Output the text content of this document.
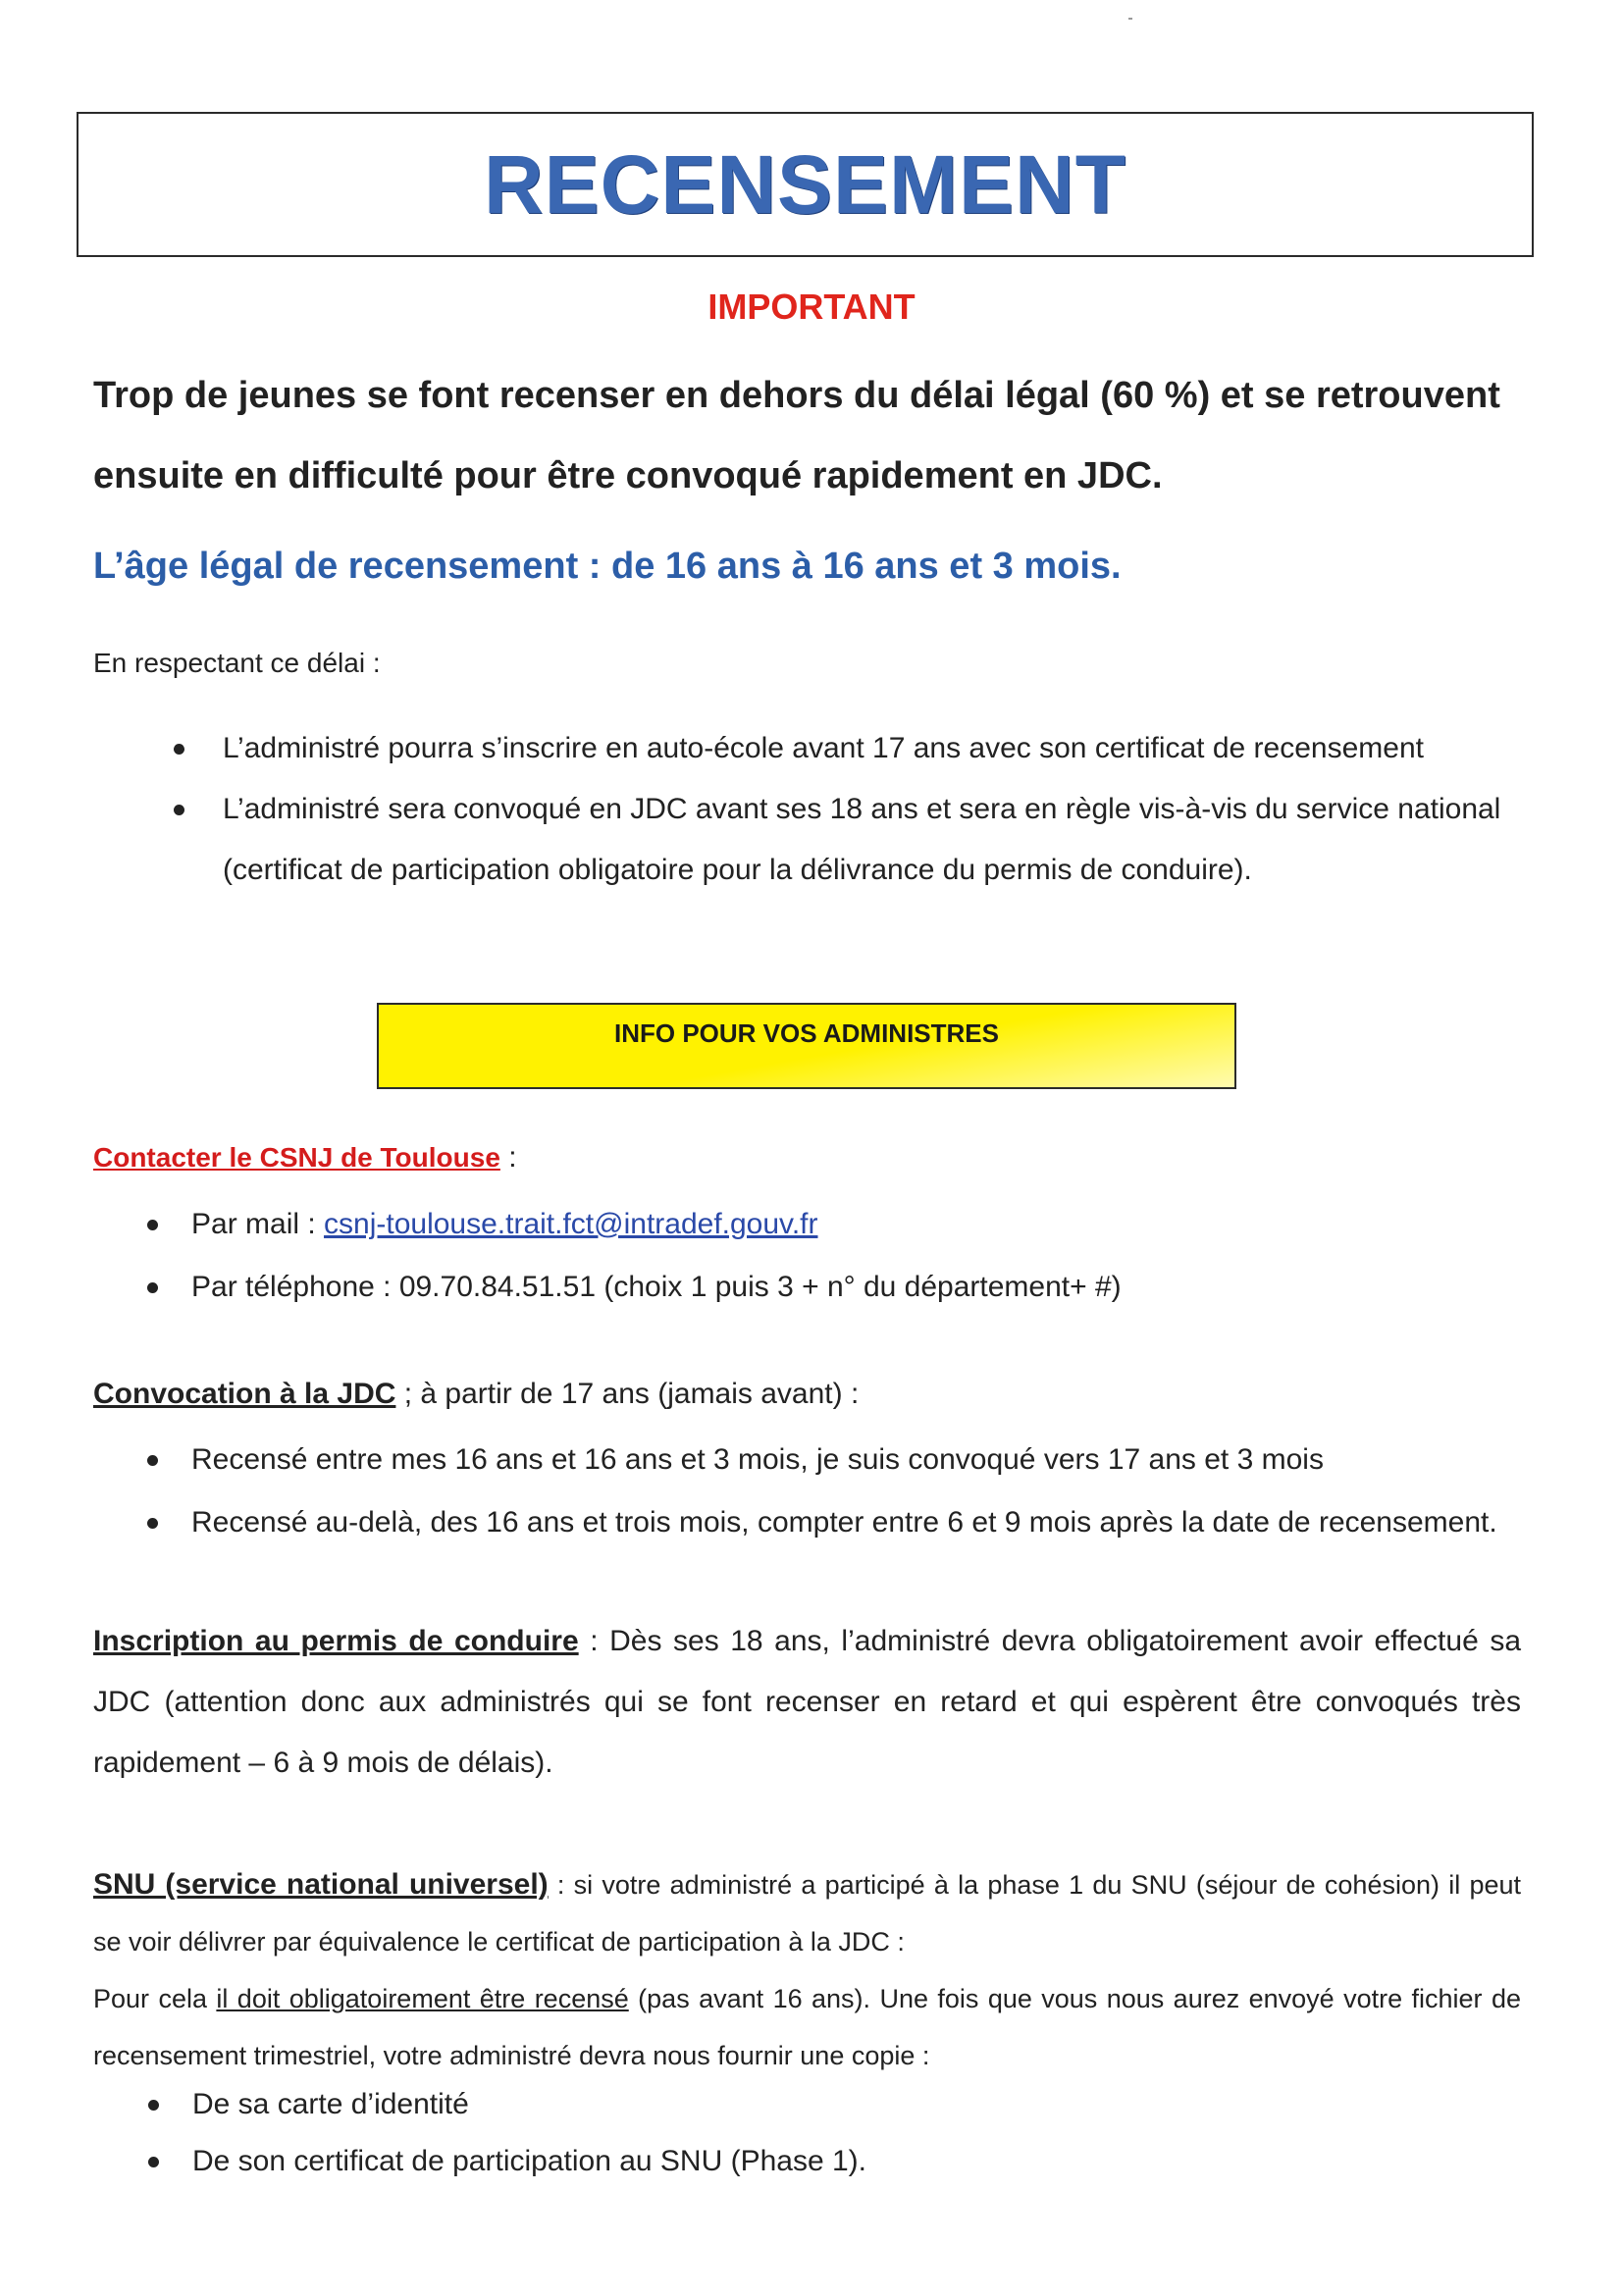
RECENSEMENT
IMPORTANT

Trop de jeunes se font recenser en dehors du délai légal (60 %) et se retrouvent ensuite en difficulté pour être convoqué rapidement en JDC.

L’âge légal de recensement : de 16 ans à 16 ans et 3 mois.

En respectant ce délai :

L’administré pourra s’inscrire en auto-école avant 17 ans avec son certificat de recensement
L’administré sera convoqué en JDC avant ses 18 ans et sera en règle vis-à-vis du service national (certificat de participation obligatoire pour la délivrance du permis de conduire).
INFO POUR VOS ADMINISTRES

Contacter le CSNJ de Toulouse :

Par mail : csnj-toulouse.trait.fct@intradef.gouv.fr
Par téléphone : 09.70.84.51.51 (choix 1 puis 3 + n° du département+ #)

Convocation à la JDC ; à partir de 17 ans (jamais avant) :

Recensé entre mes 16 ans et 16 ans et 3 mois, je suis convoqué vers 17 ans et 3 mois
Recensé au-delà, des 16 ans et trois mois, compter entre 6 et 9 mois après la date de recensement.

Inscription au permis de conduire : Dès ses 18 ans, l’administré devra obligatoirement avoir effectué sa JDC (attention donc aux administrés qui se font recenser en retard et qui espèrent être convoqués très rapidement – 6 à 9 mois de délais).

SNU (service national universel) : si votre administré a participé à la phase 1 du SNU (séjour de cohésion) il peut se voir délivrer par équivalence le certificat de participation à la JDC :
Pour cela il doit obligatoirement être recensé (pas avant 16 ans). Une fois que vous nous aurez envoyé votre fichier de recensement trimestriel, votre administré devra nous fournir une copie :

De sa carte d’identité
De son certificat de participation au SNU (Phase 1).
